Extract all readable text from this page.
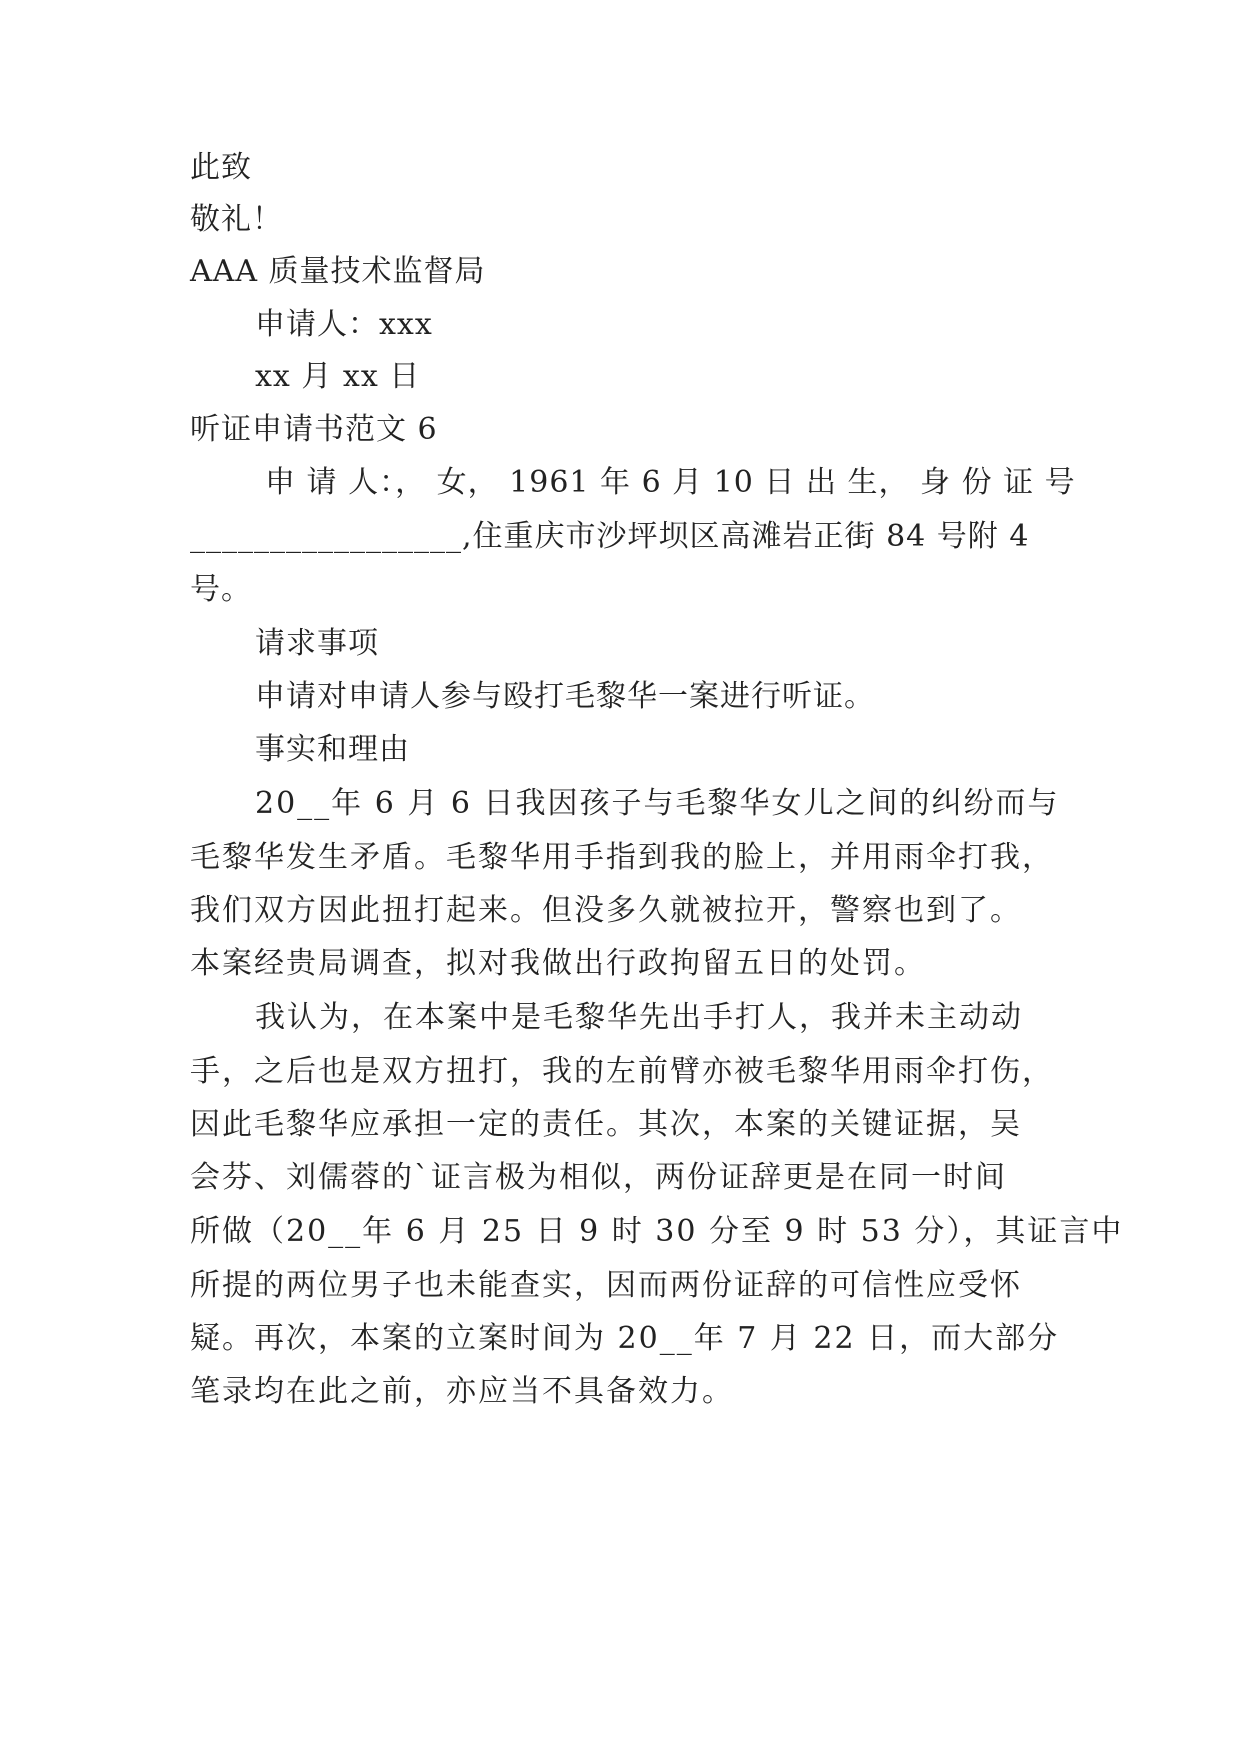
此致
敬礼！
AAA 质量技术监督局
申请人：xxx
xx 月 xx 日
听证申请书范文 6
申 请 人：， 女， 1961 年 6 月 10 日 出 生， 身 份 证 号
_________________,住重庆市沙坪坝区高滩岩正街 84 号附 4
号。
请求事项
申请对申请人参与殴打毛黎华一案进行听证。
事实和理由
20__年 6 月 6 日我因孩子与毛黎华女儿之间的纠纷而与
毛黎华发生矛盾。毛黎华用手指到我的脸上，并用雨伞打我，
我们双方因此扭打起来。但没多久就被拉开，警察也到了。
本案经贵局调查，拟对我做出行政拘留五日的处罚。
我认为，在本案中是毛黎华先出手打人，我并未主动动
手，之后也是双方扭打，我的左前臂亦被毛黎华用雨伞打伤，
因此毛黎华应承担一定的责任。其次，本案的关键证据，吴
会芬、刘儒蓉的`证言极为相似，两份证辞更是在同一时间
所做（20__年 6 月 25 日 9 时 30 分至 9 时 53 分），其证言中
所提的两位男子也未能查实，因而两份证辞的可信性应受怀
疑。再次，本案的立案时间为 20__年 7 月 22 日，而大部分
笔录均在此之前，亦应当不具备效力。
